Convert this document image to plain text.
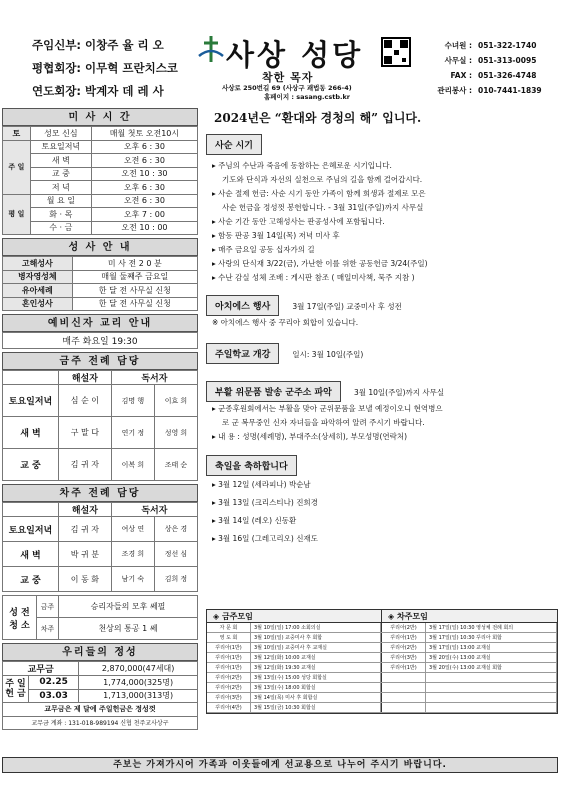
주임신부: 이창주 율 리 오
평협회장: 이무혁 프란치스코
연도회장: 박계자 데 레 사
사상 성당
착한 목자
사상로 250번길 69 (사상구 괘법동 266-4)
홈페이지 : sasang.cstb.kr
수녀원 : 051-322-1740
사무실 : 051-313-0095
FAX : 051-326-4748
관리봉사 : 010-7441-1839
미 사 시 간
토	성모 신심	매월 첫토 오전10시
주 일	토요일저녁	오후 6 : 30
	새 벽	오전 6 : 30
	교 중	오전 10 : 30
	저 녁	오후 6 : 30
평 일	월 요 일	오전 6 : 30
	화 · 목	오후 7 : 00
	수 · 금	오전 10 : 00
성 사 안 내
고해성사	미 사 전 2 0 분
병자영성체	매월 둘째주 금요일
유아세례	한 달 전 사무실 신청
혼인성사	한 달 전 사무실 신청
예비신자 교리 안내
매주 화요일 19:30
금주 전례 담당
	해설자	독서자	
토요일저녁	심 순 이	김명 행	이효 희
새 벽	구 말 다	연기 정	성영 희
교 중	김 귀 자	이복 희	조태 순
차주 전례 담당
	해설자	독서자	
토요일저녁	김 귀 자	여상 연	상은 경
새 벽	박 귀 분	조경 희	정선 심
교 중	이 동 화	남기 숙	김희 정
성 전 청 소	금주	승리자들의 모후 쎄필
	차주	천상의 통공 1 쎄
우리들의 정성
교무금		2,870,000(47세대)
주 일 헌 금	02.25	1,774,000(325명)
	03.03	1,713,000(313명)
교무금은 제 달에 주일헌금은 정성껏		
교무금 계좌 : 131-018-989194 신협 천주교사상구		
2024년은 “환대와 경청의 해” 입니다.
사순 시기
▸ 주님의 수난과 죽음에 동참하는 은혜로운 시기입니다.
기도와 단식과 자선의 실천으로 주님의 길을 함께 걸어갑시다.
▸ 사순 절제 헌금: 사순 시기 동안 가족이 함께 희생과 절제로 모은
사순 헌금을 정성껏 봉헌합니다. - 3월 31일(주일)까지 사무실
▸ 사순 기간 동안 고해성사는 판공성사에 포함됩니다.
▸ 함동 판공 3월 14일(목) 저녁 미사 후
▸ 매주 금요일 공동 십자가의 길
▸ 사랑의 단식재 3/22(금), 가난한 이를 위한 공동헌금 3/24(주일)
▸ 수난 감실 성체 조배 : 게시판 참조 ( 매일미사책, 묵주 지참 )
아치에스 행사	3월 17일(주일) 교중미사 후 성전
※ 아치에스 행사 중 꾸리아 회합이 있습니다.
주일학교 개강	일시: 3월 10일(주일)
부활 위문품 발송 군주소 파악	3월 10일(주일)까지 사무실
▸ 군종후원회에서는 부활을 맞아 군위문품을 보낼 예정이오니 현역병으
로 군 복무중인 신자 자녀들을 파악하여 알려 주시기 바랍니다.
▸ 내 용 : 성명(세례명), 부대주소(상세히), 부모성명(연락처)
축일을 축하합니다
▸ 3월 12일 (세라피나) 박순남
▸ 3월 13일 (크리스티나) 진희경
▸ 3월 14일 (레오) 신동환
▸ 3월 16일 (그레고리오) 신재도
◈ 금주모임	◈ 차주모임
자 문 회	3월 10일(일) 17:00 소회의실	꾸리아(2반)	3월 17일(일) 10:30 영성체 전례 회의
영 도 회	3월 10일(일) 교중미사 후 회합	꾸리아(1반)	3월 17일(일) 10:30 꾸리아 회합
꾸리아(1반)	3월 10일(일) 교중미사 후 교재실	꾸리아(2반)	3월 17일(일) 13:00 교재실
꾸리아(1반)	3월 12일(화) 10:00 교재실	꾸리아(3반)	3월 20일(수) 13:00 교재실
꾸리아(1반)	3월 12일(화) 19:30 교재실	꾸리아(1반)	3월 20일(수) 13:00 교재실 회합
꾸리아(2반)	3월 13일(수) 15:00 성당 회합실
꾸리아(2반)	3월 13일(수) 18:00 회합실
꾸리아(3반)	3월 14일(목) 미사 후 회합실
꾸리아(4반)	3월 15일(금) 10:30 회합실
주보는 가져가시어 가족과 이웃들에게 선교용으로 나누어 주시기 바랍니다.
